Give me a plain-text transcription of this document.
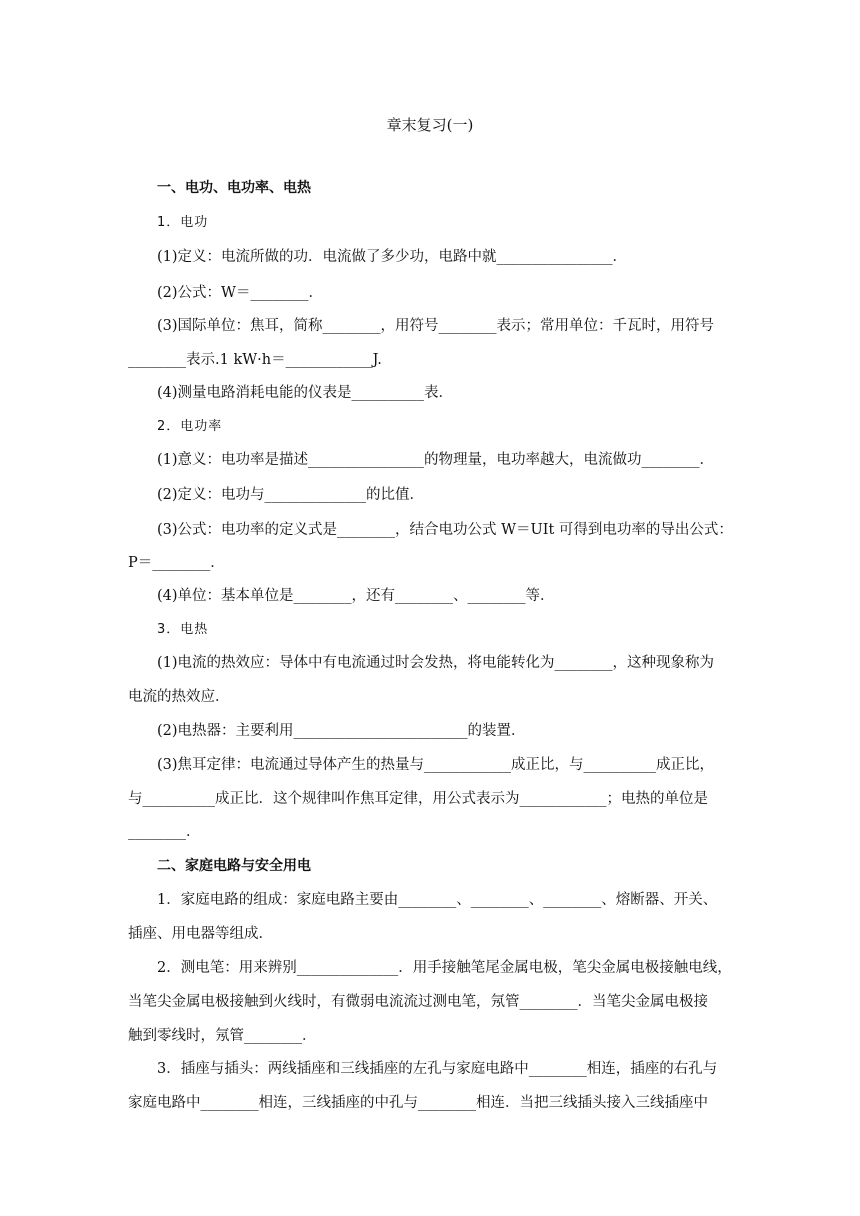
章末复习(一)
一、电功、电功率、电热
1．电功
(1)定义：电流所做的功．电流做了多少功，电路中就________________．
(2)公式：W＝________．
(3)国际单位：焦耳，简称________，用符号________表示；常用单位：千瓦时，用符号
________表示.1 kW·h＝____________J.
(4)测量电路消耗电能的仪表是__________表．
2．电功率
(1)意义：电功率是描述________________的物理量，电功率越大，电流做功________．
(2)定义：电功与______________的比值．
(3)公式：电功率的定义式是________，结合电功公式 W＝UIt 可得到电功率的导出公式：
P＝________．
(4)单位：基本单位是________，还有________、________等．
3．电热
(1)电流的热效应：导体中有电流通过时会发热，将电能转化为________，这种现象称为
电流的热效应．
(2)电热器：主要利用________________________的装置．
(3)焦耳定律：电流通过导体产生的热量与____________成正比，与__________成正比，
与__________成正比．这个规律叫作焦耳定律，用公式表示为____________；电热的单位是
________．
二、家庭电路与安全用电
1．家庭电路的组成：家庭电路主要由________、________、________、熔断器、开关、
插座、用电器等组成．
2．测电笔：用来辨别______________．用手接触笔尾金属电极，笔尖金属电极接触电线，
当笔尖金属电极接触到火线时，有微弱电流流过测电笔，氖管________．当笔尖金属电极接
触到零线时，氖管________．
3．插座与插头：两线插座和三线插座的左孔与家庭电路中________相连，插座的右孔与
家庭电路中________相连，三线插座的中孔与________相连．当把三线插头接入三线插座中
